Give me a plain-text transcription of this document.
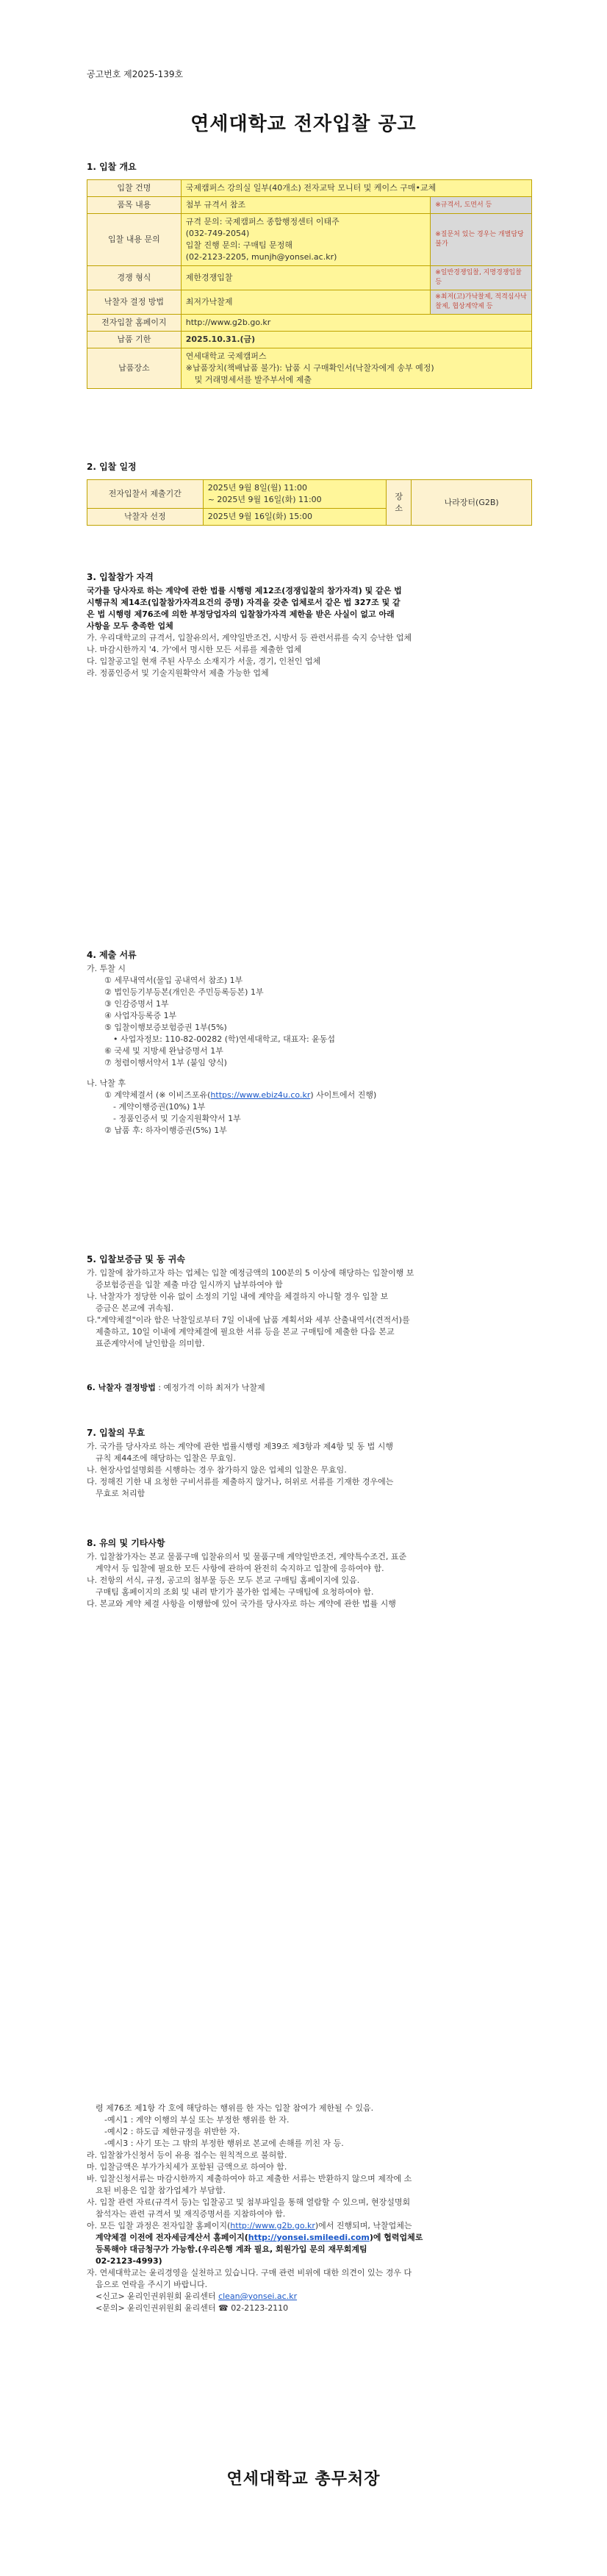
공고번호 제2025-139호
연세대학교 전자입찰 공고
1. 입찰 개요
입찰 건명	국제캠퍼스 강의실 일부(40개소) 전자교탁 모니터 및 케이스 구매•교체	
품목 내용	첨부 규격서 참조	※규격서, 도면서 등
입찰 내용 문의	규격 문의: 국제캠퍼스 종합행정센터 이태주
(032-749-2054)
입찰 진행 문의: 구매팀 문정해
(02-2123-2205, munjh@yonsei.ac.kr)	※질문처 있는 경우는 개별담당 불가
경쟁 형식	제한경쟁입찰	※일반경쟁입찰, 지명경쟁입찰 등
낙찰자 결정 방법	최저가낙찰제	※최저(고)가낙찰제, 적격심사낙찰제, 협상계약제 등
전자입찰 홈페이지	http://www.g2b.go.kr	
납품 기한	2025.10.31.(금)	
납품장소	연세대학교 국제캠퍼스
※납품장치(책배납품 불가): 납품 시 구매확인서(낙찰자에게 송부 예정)
및 거래명세서를 발주부서에 제출	
2. 입찰 일정
전자입찰서 제출기간	2025년 9월 8일(월) 11:00
~ 2025년 9월 16일(화) 11:00	장소	나라장터(G2B)
낙찰자 선정	2025년 9월 16일(화) 15:00		
3. 입찰참가 자격
국가를 당사자로 하는 계약에 관한 법률 시행령 제12조(경쟁입찰의 참가자격) 및 같은 법
시행규칙 제14조(입찰참가자격요건의 증명) 자격을 갖춘 업체로서 같은 법 327조 및 같
은 법 시행령 제76조에 의한 부정당업자의 입찰참가자격 제한을 받은 사실이 없고 아래
사항을 모두 충족한 업체
가. 우리대학교의 규격서, 입찰유의서, 계약일반조건, 시방서 등 관련서류를 숙지 승낙한 업체
나. 마감시한까지 '4. 가'에서 명시한 모든 서류를 제출한 업체
다. 입찰공고일 현재 주된 사무소 소재지가 서울, 경기, 인천인 업체
라. 정품인증서 및 기술지원확약서 제출 가능한 업체
4. 제출 서류
가. 투찰 시
① 세무내역서(물입 공내역서 참조) 1부
② 법인등기부등본(개인은 주민등록등본) 1부
③ 인감증명서 1부
④ 사업자등록증 1부
⑤ 입찰이행보증보험증권 1부(5%)
• 사업자정보: 110-82-00282 (학)연세대학교, 대표자: 윤동섭
⑥ 국세 및 지방세 완납증명서 1부
⑦ 청렴이행서약서 1부 (붙임 양식)
나. 낙찰 후
① 계약체결서 (※ 이비즈포유(https://www.ebiz4u.co.kr) 사이트에서 진행)
- 계약이행증권(10%) 1부
- 정품인증서 및 기술지원확약서 1부
② 납품 후: 하자이행증권(5%) 1부
5. 입찰보증금 및 동 귀속
가. 입찰에 참가하고자 하는 업체는 입찰 예정금액의 100분의 5 이상에 해당하는 입찰이행 보
증보험증권을 입찰 제출 마감 일시까지 납부하여야 함
나. 낙찰자가 정당한 이유 없이 소정의 기일 내에 계약을 체결하지 아니할 경우 입찰 보
증금은 본교에 귀속됨.
다."계약체결"이라 함은 낙찰일로부터 7일 이내에 납품 계획서와 세부 산출내역서(견적서)를
제출하고, 10일 이내에 계약체결에 필요한 서류 등을 본교 구매팀에 제출한 다음 본교
표준계약서에 날인함을 의미함.
6. 낙찰자 결정방법 : 예정가격 이하 최저가 낙찰제
7. 입찰의 무효
가. 국가를 당사자로 하는 계약에 관한 법률시행령 제39조 제3항과 제4항 및 동 법 시행
규칙 제44조에 해당하는 입찰은 무효임.
나. 현장사업설명회를 시행하는 경우 참가하지 않은 업체의 입찰은 무효임.
다. 정해진 기한 내 요청한 구비서류를 제출하지 않거나, 허위로 서류를 기재한 경우에는
무효로 처리함
8. 유의 및 기타사항
가. 입찰참가자는 본교 물품구매 입찰유의서 및 물품구매 계약일반조건, 계약특수조건, 표준
계약서 등 입찰에 필요한 모든 사항에 관하여 완전히 숙지하고 입찰에 응하여야 함.
나. 전항의 서식, 규정, 공고의 첨부물 등은 모두 본교 구매팀 홈페이지에 있음.
구매팀 홈페이지의 조회 및 내려 받기가 불가한 업체는 구매팀에 요청하여야 함.
다. 본교와 계약 체결 사항을 이행함에 있어 국가를 당사자로 하는 계약에 관한 법률 시행
령 제76조 제1항 각 호에 해당하는 행위를 한 자는 입찰 참여가 제한될 수 있음.
-예시1 : 계약 이행의 부실 또는 부정한 행위를 한 자.
-예시2 : 하도급 제한규정을 위반한 자.
-예시3 : 사기 또는 그 밖의 부정한 행위로 본교에 손해를 끼친 자 등.
라. 입찰참가신청서 등이 유용 접수는 원칙적으로 불허함.
마. 입찰금액은 부가가치세가 포함된 금액으로 하여야 함.
바. 입찰신청서류는 마감시한까지 제출하여야 하고 제출한 서류는 반환하지 않으며 제작에 소
요된 비용은 입찰 참가업체가 부담함.
사. 입찰 관련 자료(규격서 등)는 입찰공고 및 첨부파일을 통해 열람할 수 있으며, 현장설명회
참석자는 관련 규격서 및 재직증명서를 지참하여야 함.
아. 모든 입찰 과정은 전자입찰 홈페이지(http://www.g2b.go.kr)에서 진행되며, 낙찰업체는
계약체결 이전에 전자세금계산서 홈페이지(http://yonsei.smileedi.com)에 협력업체로
등록해야 대금청구가 가능함.(우리은행 계좌 필요, 회원가입 문의 재무회계팀
02-2123-4993)
자. 연세대학교는 윤리경영을 실천하고 있습니다. 구매 관련 비위에 대한 의견이 있는 경우 다
음으로 연락을 주시기 바랍니다.
<신고> 윤리인권위원회 윤리센터 clean@yonsei.ac.kr
<문의> 윤리인권위원회 윤리센터 ☎ 02-2123-2110
연세대학교 총무처장
